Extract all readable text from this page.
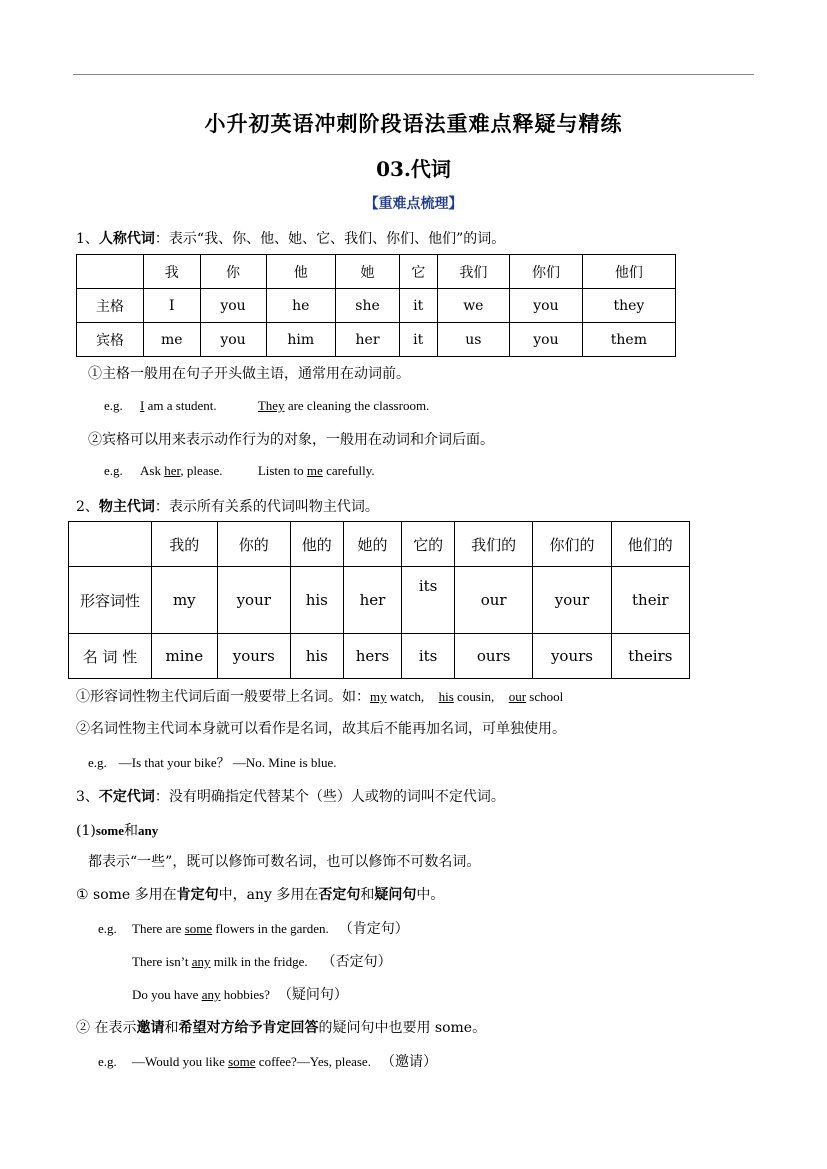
小升初英语冲刺阶段语法重难点释疑与精练
03.代词
【重难点梳理】
1、人称代词：表示“我、你、他、她、它、我们、你们、他们”的词。
	我	你	他	她	它	我们	你们	他们
主格	I	you	he	she	it	we	you	they
宾格	me	you	him	her	it	us	you	them
①主格一般用在句子开头做主语，通常用在动词前。
e.g. I am a student.	They are cleaning the classroom.
②宾格可以用来表示动作行为的对象，一般用在动词和介词后面。
e.g. Ask her, please.	Listen to me carefully.
2、物主代词：表示所有关系的代词叫物主代词。
	我的	你的	他的	她的	它的	我们的	你们的	他们的
形容词性	my	your	his	her	its	our	your	their
名 词 性	mine	yours	his	hers	its	ours	yours	theirs
①形容词性物主代词后面一般要带上名词。如：my watch, his cousin, our school
②名词性物主代词本身就可以看作是名词，故其后不能再加名词，可单独使用。
e.g. —Is that your bike？ —No. Mine is blue.
3、不定代词：没有明确指定代替某个（些）人或物的词叫不定代词。
(1)some和any
都表示“一些”，既可以修饰可数名词，也可以修饰不可数名词。
① some 多用在肯定句中，any 多用在否定句和疑问句中。
e.g. There are some flowers in the garden. （肯定句）
There isn’t any milk in the fridge. （否定句）
Do you have any hobbies? （疑问句）
② 在表示邀请和希望对方给予肯定回答的疑问句中也要用 some。
e.g. —Would you like some coffee?—Yes, please. （邀请）
